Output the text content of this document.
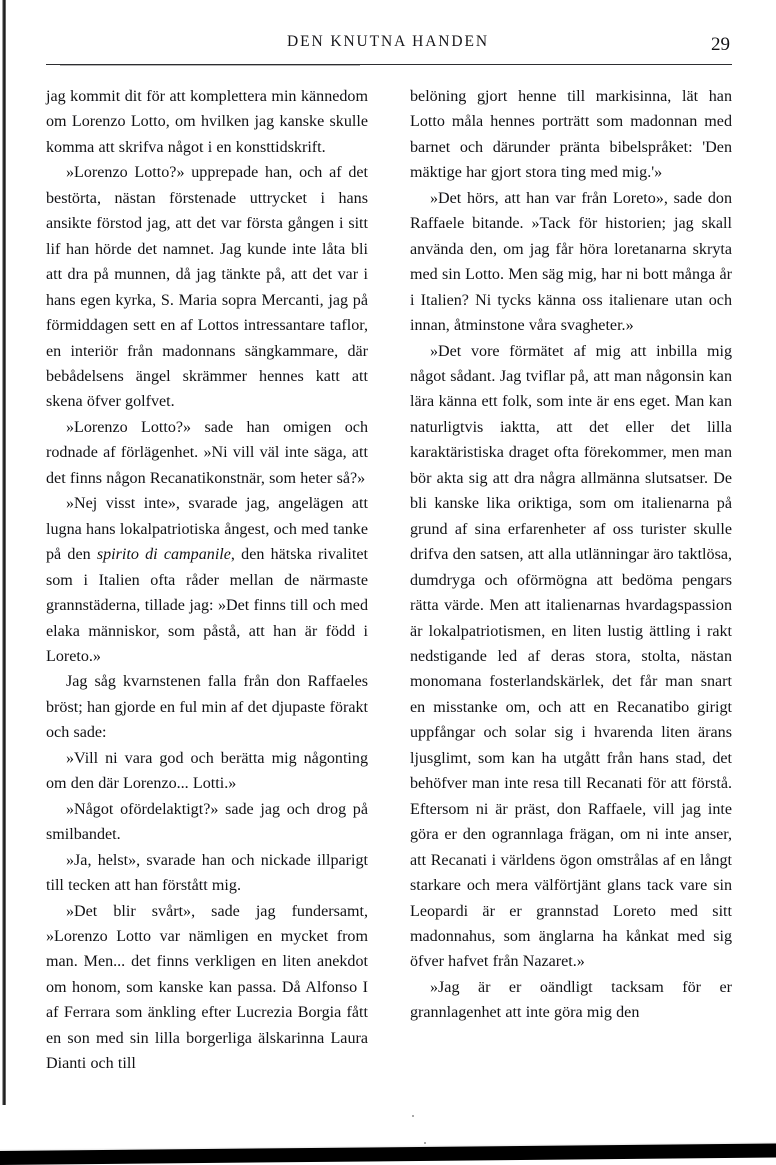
DEN KNUTNA HANDEN	29

jag kommit dit för att komplettera min kännedom om Lorenzo Lotto, om hvilken jag kanske skulle komma att skrifva något i en konsttidskrift.

»Lorenzo Lotto?» upprepade han, och af det bestörta, nästan förstenade uttrycket i hans ansikte förstod jag, att det var första gången i sitt lif han hörde det namnet. Jag kunde inte låta bli att dra på munnen, då jag tänkte på, att det var i hans egen kyrka, S. Maria sopra Mercanti, jag på förmiddagen sett en af Lottos intressantare taflor, en interiör från madonnans sängkammare, där bebådelsens ängel skrämmer hennes katt att skena öfver golfvet.

»Lorenzo Lotto?» sade han omigen och rodnade af förlägenhet. »Ni vill väl inte säga, att det finns någon Recanatikonstnär, som heter så?»

»Nej visst inte», svarade jag, angelägen att lugna hans lokalpatriotiska ångest, och med tanke på den spirito di campanile, den hätska rivalitet som i Italien ofta råder mellan de närmaste grannstäderna, tillade jag: »Det finns till och med elaka människor, som påstå, att han är född i Loreto.»

Jag såg kvarnstenen falla från don Raffaeles bröst; han gjorde en ful min af det djupaste förakt och sade:

»Vill ni vara god och berätta mig någonting om den där Lorenzo... Lotti.»

»Något ofördelaktigt?» sade jag och drog på smilbandet.

»Ja, helst», svarade han och nickade illparigt till tecken att han förstått mig.

»Det blir svårt», sade jag fundersamt, »Lorenzo Lotto var nämligen en mycket from man. Men... det finns verkligen en liten anekdot om honom, som kanske kan passa. Då Alfonso I af Ferrara som änkling efter Lucrezia Borgia fått en son med sin lilla borgerliga älskarinna Laura Dianti och till

belöning gjort henne till markisinna, lät han Lotto måla hennes porträtt som madonnan med barnet och därunder pränta bibelspråket: 'Den mäktige har gjort stora ting med mig.'»

»Det hörs, att han var från Loreto», sade don Raffaele bitande. »Tack för historien; jag skall använda den, om jag får höra loretanarna skryta med sin Lotto. Men säg mig, har ni bott många år i Italien? Ni tycks känna oss italienare utan och innan, åtminstone våra svagheter.»

»Det vore förmätet af mig att inbilla mig något sådant. Jag tviflar på, att man någonsin kan lära känna ett folk, som inte är ens eget. Man kan naturligtvis iaktta, att det eller det lilla karaktäristiska draget ofta förekommer, men man bör akta sig att dra några allmänna slutsatser. De bli kanske lika oriktiga, som om italienarna på grund af sina erfarenheter af oss turister skulle drifva den satsen, att alla utlänningar äro taktlösa, dumdryga och oförmögna att bedöma pengars rätta värde. Men att italienarnas hvardagspassion är lokalpatriotismen, en liten lustig ättling i rakt nedstigande led af deras stora, stolta, nästan monomana fosterlandskärlek, det får man snart en misstanke om, och att en Recanatibo girigt uppfångar och solar sig i hvarenda liten ärans ljusglimt, som kan ha utgått från hans stad, det behöfver man inte resa till Recanati för att förstå. Eftersom ni är präst, don Raffaele, vill jag inte göra er den ogrannlaga frägan, om ni inte anser, att Recanati i världens ögon omstrålas af en långt starkare och mera välförtjänt glans tack vare sin Leopardi är er grannstad Loreto med sitt madonnahus, som änglarna ha kånkat med sig öfver hafvet från Nazaret.»

»Jag är er oändligt tacksam för er grannlagenhet att inte göra mig den
